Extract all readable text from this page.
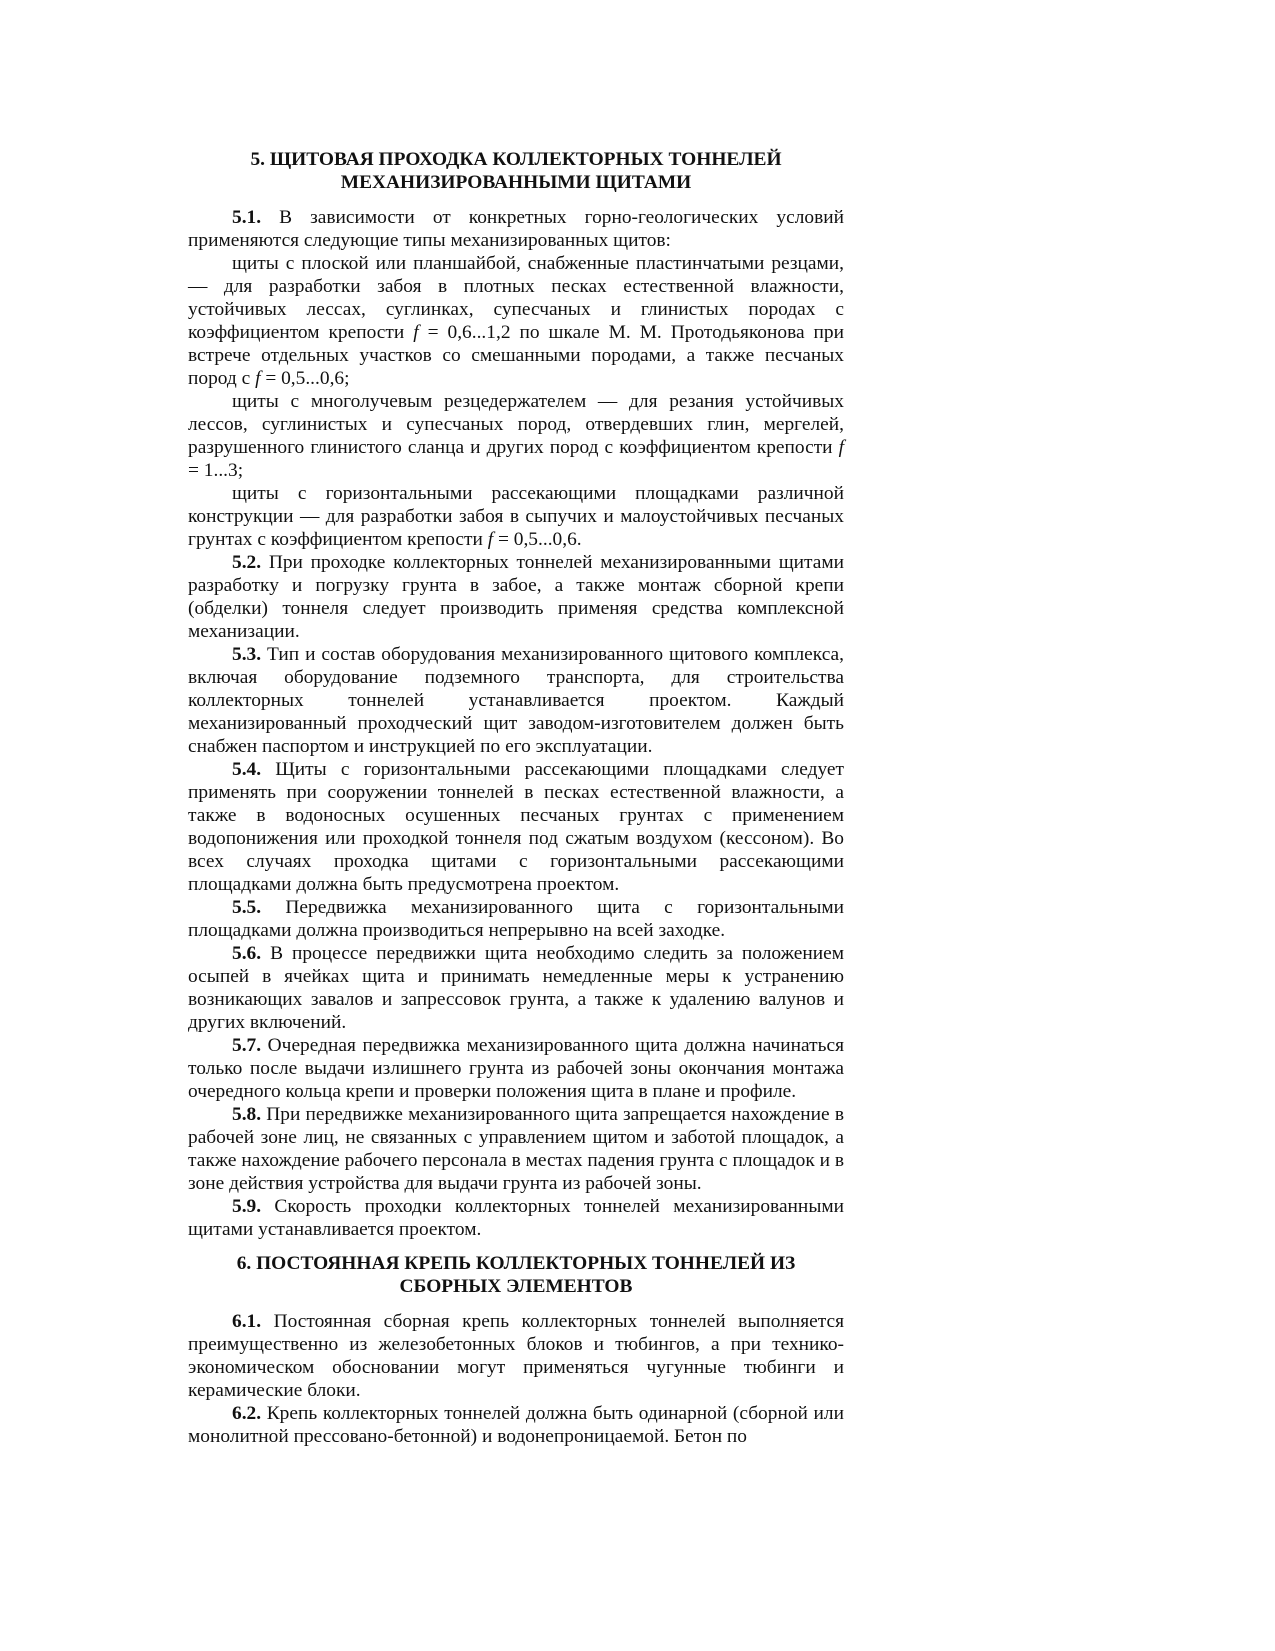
5. ЩИТОВАЯ ПРОХОДКА КОЛЛЕКТОРНЫХ ТОННЕЛЕЙ
МЕХАНИЗИРОВАННЫМИ ЩИТАМИ

5.1. В зависимости от конкретных горно-геологических условий применяются следующие типы механизированных щитов:

щиты с плоской или планшайбой, снабженные пластинчатыми резцами, — для разработки забоя в плотных песках естественной влажности, устойчивых лессах, суглинках, супесчаных и глинистых породах с коэффициентом крепости f = 0,6...1,2 по шкале М. М. Протодьяконова при встрече отдельных участков со смешанными породами, а также песчаных пород с f = 0,5...0,6;

щиты с многолучевым резцедержателем — для резания устойчивых лессов, суглинистых и супесчаных пород, отвердевших глин, мергелей, разрушенного глинистого сланца и других пород с коэффициентом крепости f = 1...3;

щиты с горизонтальными рассекающими площадками различной конструкции — для разработки забоя в сыпучих и малоустойчивых песчаных грунтах с коэффициентом крепости f = 0,5...0,6.

5.2. При проходке коллекторных тоннелей механизированными щитами разработку и погрузку грунта в забое, а также монтаж сборной крепи (обделки) тоннеля следует производить применяя средства комплексной механизации.

5.3. Тип и состав оборудования механизированного щитового комплекса, включая оборудование подземного транспорта, для строительства коллекторных тоннелей устанавливается проектом. Каждый механизированный проходческий щит заводом-изготовителем должен быть снабжен паспортом и инструкцией по его эксплуатации.

5.4. Щиты с горизонтальными рассекающими площадками следует применять при сооружении тоннелей в песках естественной влажности, а также в водоносных осушенных песчаных грунтах с применением водопонижения или проходкой тоннеля под сжатым воздухом (кессоном). Во всех случаях проходка щитами с горизонтальными рассекающими площадками должна быть предусмотрена проектом.

5.5. Передвижка механизированного щита с горизонтальными площадками должна производиться непрерывно на всей заходке.

5.6. В процессе передвижки щита необходимо следить за положением осыпей в ячейках щита и принимать немедленные меры к устранению возникающих завалов и запрессовок грунта, а также к удалению валунов и других включений.

5.7. Очередная передвижка механизированного щита должна начинаться только после выдачи излишнего грунта из рабочей зоны окончания монтажа очередного кольца крепи и проверки положения щита в плане и профиле.

5.8. При передвижке механизированного щита запрещается нахождение в рабочей зоне лиц, не связанных с управлением щитом и заботой площадок, а также нахождение рабочего персонала в местах падения грунта с площадок и в зоне действия устройства для выдачи грунта из рабочей зоны.

5.9. Скорость проходки коллекторных тоннелей механизированными щитами устанавливается проектом.

6. ПОСТОЯННАЯ КРЕПЬ КОЛЛЕКТОРНЫХ ТОННЕЛЕЙ ИЗ
СБОРНЫХ ЭЛЕМЕНТОВ

6.1. Постоянная сборная крепь коллекторных тоннелей выполняется преимущественно из железобетонных блоков и тюбингов, а при технико-экономическом обосновании могут применяться чугунные тюбинги и керамические блоки.

6.2. Крепь коллекторных тоннелей должна быть одинарной (сборной или монолитной прессовано-бетонной) и водонепроницаемой. Бетон по
